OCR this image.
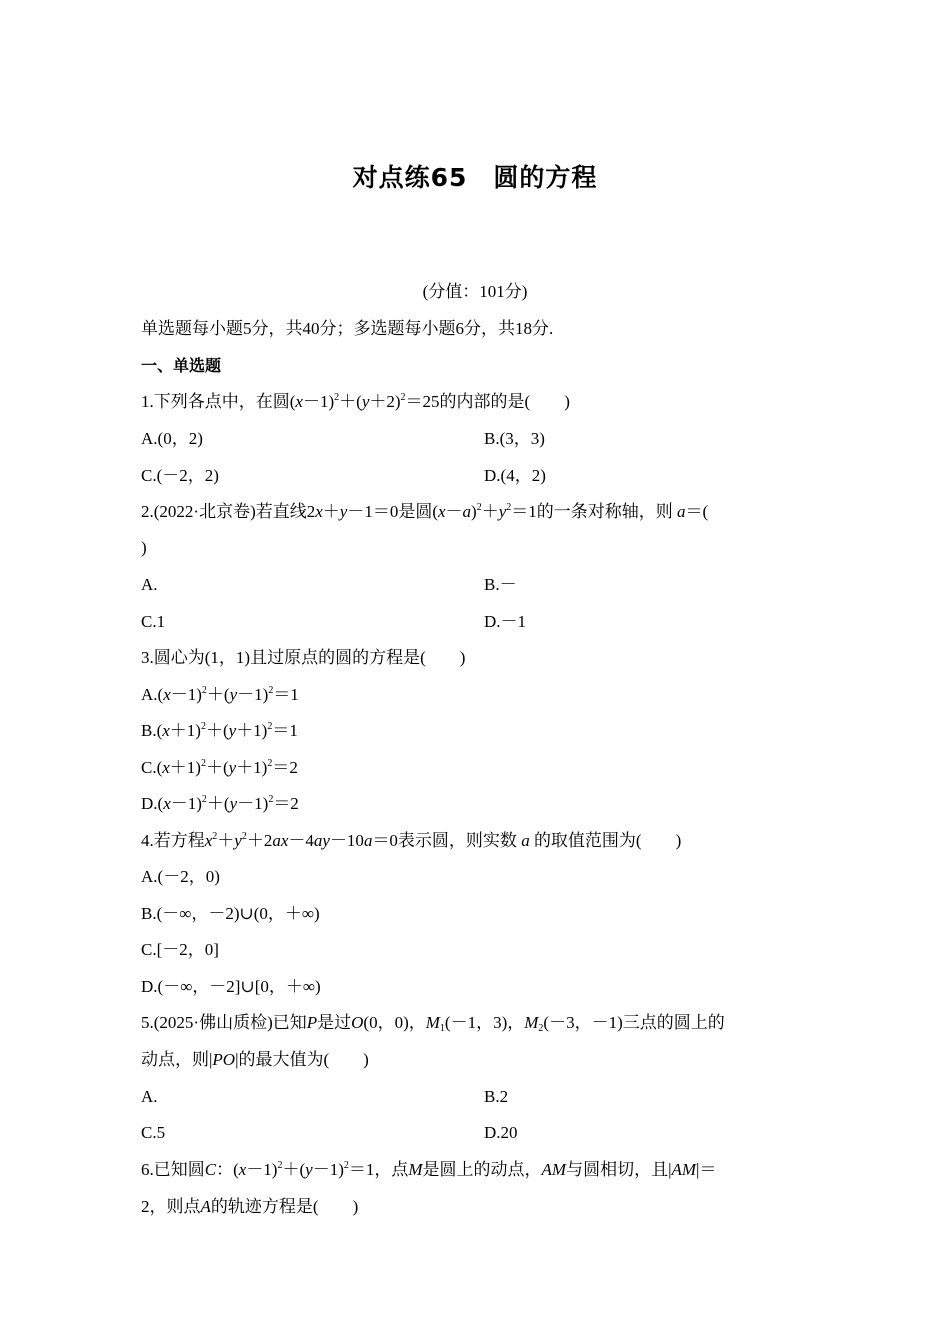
对点练65　圆的方程
(分值：101分)
单选题每小题5分，共40分；多选题每小题6分，共18分.
一、单选题
1.下列各点中，在圆$(x-1)^2+(y+2)^2=25$的内部的是( )
A.(0，2)	B.(3，3)
C.(－2，2)	D.(4，2)
2.(2022·北京卷)若直线2x＋y－1＝0是圆$(x-a)^2+y^2=1$的一条对称轴，则 a＝(
)
A.	B.－
C.1	D.－1
3.圆心为(1，1)且过原点的圆的方程是( )
$A.(x-1)^2+(y-1)^2=1$
$B.(x+1)^2+(y+1)^2=1$
$C.(x+1)^2+(y+1)^2=2$
$D.(x-1)^2+(y-1)^2=2$
4.若方程$x^2+y^2+2ax-4ay-10a=0$表示圆，则实数 a 的取值范围为( )
A.(－2，0)
B.(－∞，－2)∪(0，＋∞)
C.[－2，0]
D.(－∞，－2]∪[0，＋∞)
5.(2025·佛山质检)已知P是过O(0，0)，$M_1(-1$，3)，$M_2(-3$，－1)三点的圆上的
动点，则|PO|的最大值为( )
A.	B.2
C.5	D.20
6.已知圆C：$(x-1)^2+(y-1)^2=1$，点M是圆上的动点，AM与圆相切，且|AM|＝
2，则点A的轨迹方程是( )
